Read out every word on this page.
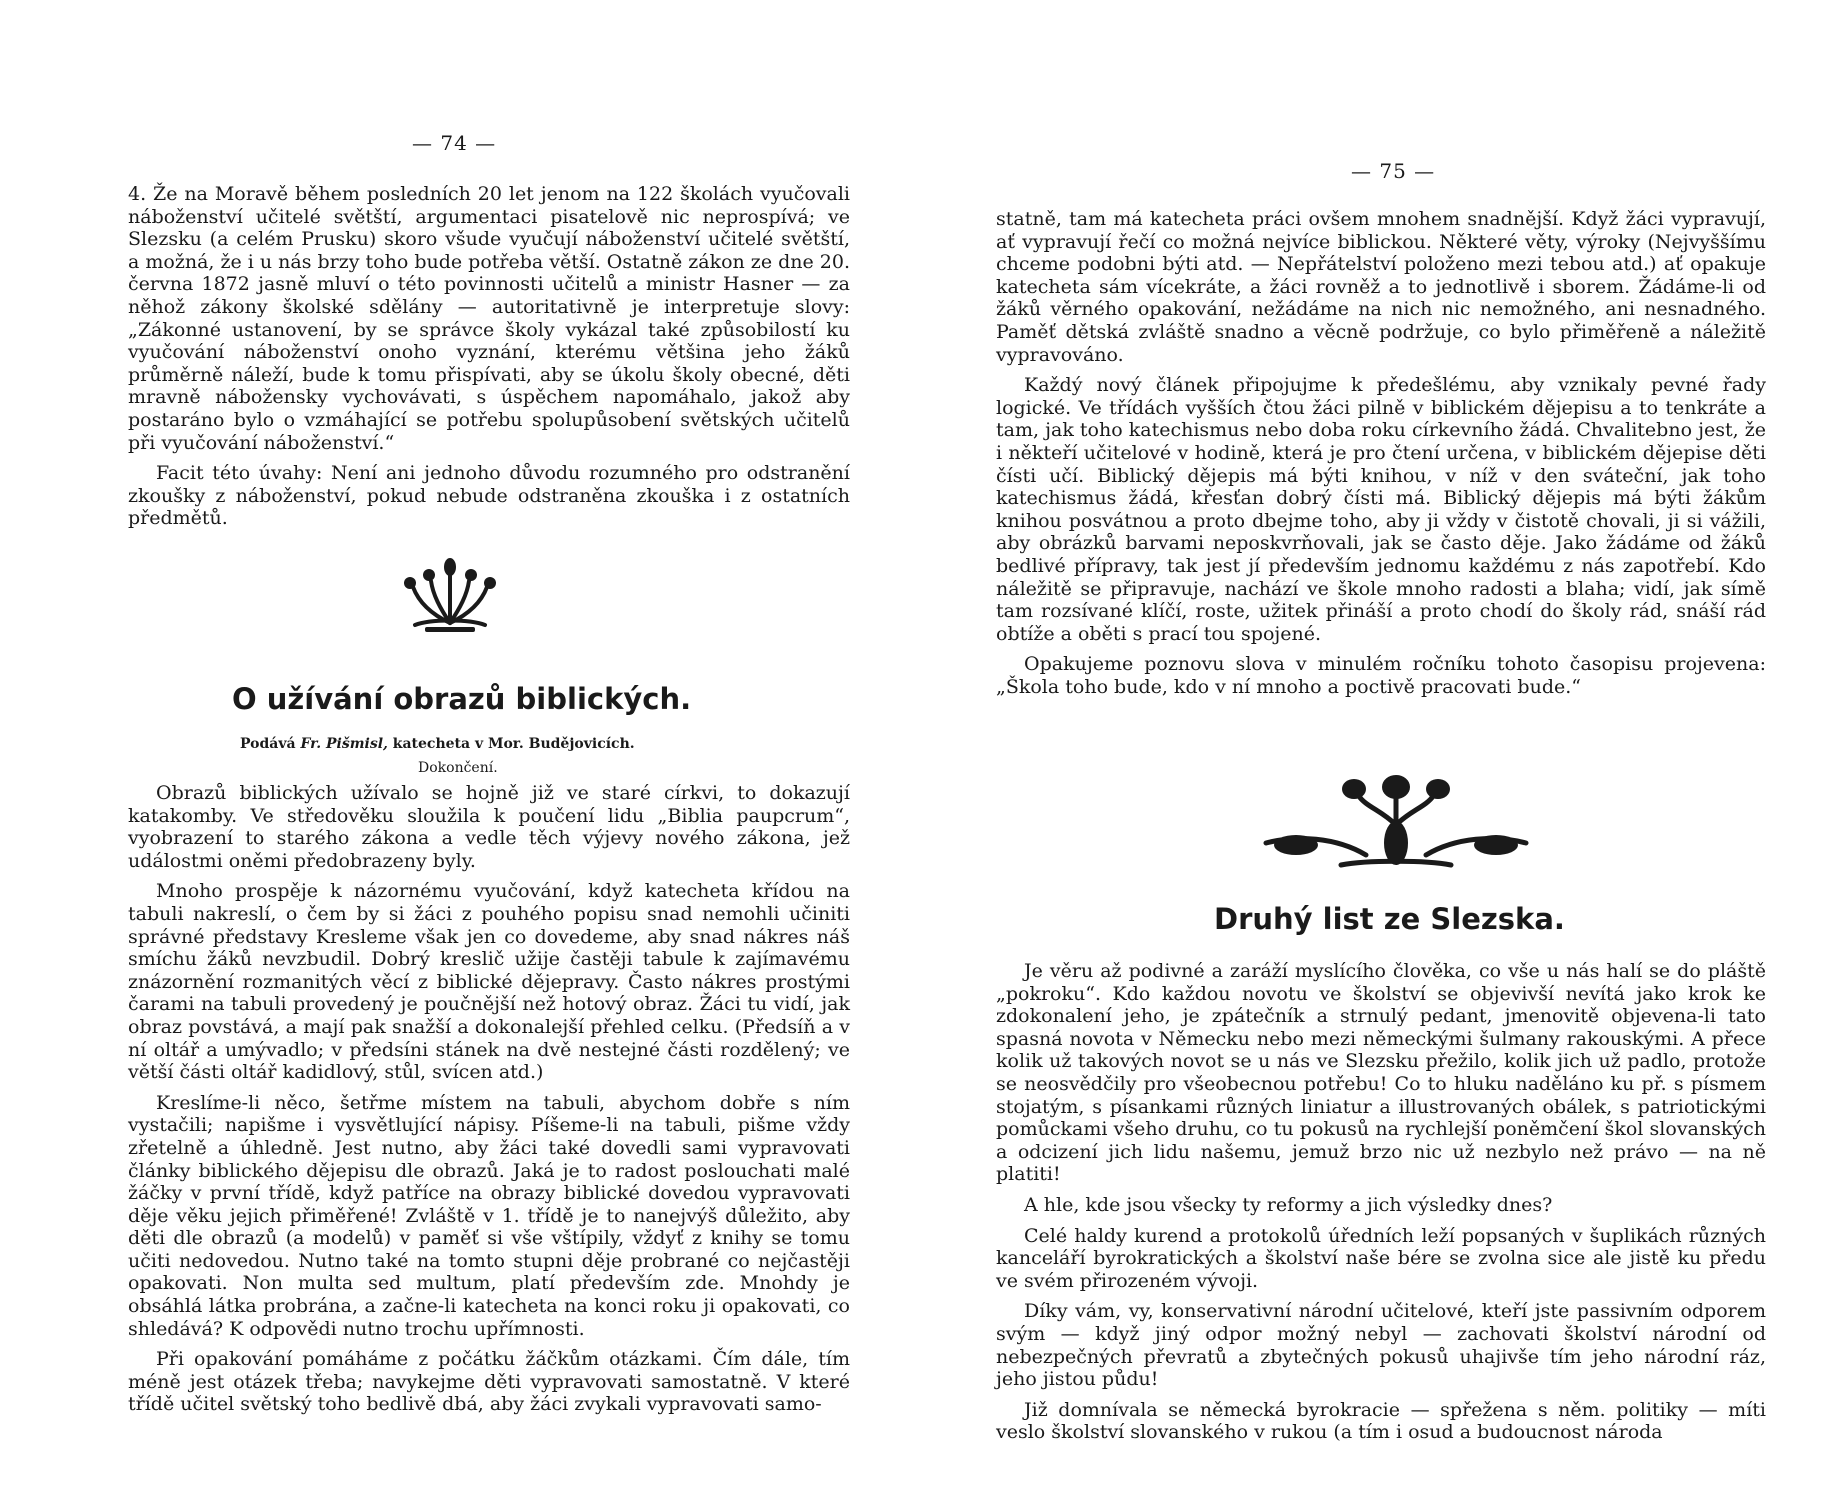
— 74 —

4. Že na Moravě během posledních 20 let jenom na 122 školách vyučovali náboženství učitelé světští, argumentaci pisatelově nic neprospívá; ve Slezsku (a celém Prusku) skoro všude vyučují náboženství učitelé světští, a možná, že i u nás brzy toho bude potřeba větší. Ostatně zákon ze dne 20. června 1872 jasně mluví o této povinnosti učitelů a ministr Hasner — za něhož zákony školské sdělány — autoritativně je interpretuje slovy: „Zákonné ustanovení, by se správce školy vykázal také způsobilostí ku vyučování náboženství onoho vyznání, kterému většina jeho žáků průměrně náleží, bude k tomu přispívati, aby se úkolu školy obecné, děti mravně nábožensky vychovávati, s úspěchem napomáhalo, jakož aby postaráno bylo o vzmáhající se potřebu spolupůsobení světských učitelů při vyučování náboženství.“

Facit této úvahy: Není ani jednoho důvodu rozumného pro odstranění zkoušky z náboženství, pokud nebude odstraněna zkouška i z ostatních předmětů.

O užívání obrazů biblických.
Podává Fr. Pišmisl, katecheta v Mor. Budějovicích.
Dokončení.

Obrazů biblických užívalo se hojně již ve staré církvi, to dokazují katakomby. Ve středověku sloužila k poučení lidu „Biblia paupcrum“, vyobrazení to starého zákona a vedle těch výjevy nového zákona, jež událostmi oněmi předobrazeny byly.

Mnoho prospěje k názornému vyučování, když katecheta křídou na tabuli nakreslí, o čem by si žáci z pouhého popisu snad nemohli učiniti správné představy Kresleme však jen co dovedeme, aby snad nákres náš smíchu žáků nevzbudil. Dobrý kreslič užije častěji tabule k zajímavému znázornění rozmanitých věcí z biblické dějepravy. Často nákres prostými čarami na tabuli provedený je poučnější než hotový obraz. Žáci tu vidí, jak obraz povstává, a mají pak snažší a dokonalejší přehled celku. (Předsíň a v ní oltář a umývadlo; v předsíni stánek na dvě nestejné části rozdělený; ve větší části oltář kadidlový, stůl, svícen atd.)

Kreslíme-li něco, šetřme místem na tabuli, abychom dobře s ním vystačili; napišme i vysvětlující nápisy. Píšeme-li na tabuli, pišme vždy zřetelně a úhledně. Jest nutno, aby žáci také dovedli sami vypravovati články biblického dějepisu dle obrazů. Jaká je to radost poslouchati malé žáčky v první třídě, když patříce na obrazy biblické dovedou vypravovati děje věku jejich přiměřené! Zvláště v 1. třídě je to nanejvýš důležito, aby děti dle obrazů (a modelů) v paměť si vše vštípily, vždyť z knihy se tomu učiti nedovedou. Nutno také na tomto stupni děje probrané co nejčastěji opakovati. Non multa sed multum, platí především zde. Mnohdy je obsáhlá látka probrána, a začne-li katecheta na konci roku ji opakovati, co shledává? K odpovědi nutno trochu upřímnosti.

Při opakování pomáháme z počátku žáčkům otázkami. Čím dále, tím méně jest otázek třeba; navykejme děti vypravovati samostatně. V které třídě učitel světský toho bedlivě dbá, aby žáci zvykali vypravovati samo-

— 75 —

statně, tam má katecheta práci ovšem mnohem snadnější. Když žáci vypravují, ať vypravují řečí co možná nejvíce biblickou. Některé věty, výroky (Nejvyššímu chceme podobni býti atd. — Nepřátelství položeno mezi tebou atd.) ať opakuje katecheta sám vícekráte, a žáci rovněž a to jednotlivě i sborem. Žádáme-li od žáků věrného opakování, nežádáme na nich nic nemožného, ani nesnadného. Paměť dětská zvláště snadno a věcně podržuje, co bylo přiměřeně a náležitě vypravováno.

Každý nový článek připojujme k předešlému, aby vznikaly pevné řady logické. Ve třídách vyšších čtou žáci pilně v biblickém dějepisu a to tenkráte a tam, jak toho katechismus nebo doba roku církevního žádá. Chvalitebno jest, že i někteří učitelové v hodině, která je pro čtení určena, v biblickém dějepise děti čísti učí. Biblický dějepis má býti knihou, v níž v den sváteční, jak toho katechismus žádá, křesťan dobrý čísti má. Biblický dějepis má býti žákům knihou posvátnou a proto dbejme toho, aby ji vždy v čistotě chovali, ji si vážili, aby obrázků barvami neposkvrňovali, jak se často děje. Jako žádáme od žáků bedlivé přípravy, tak jest jí především jednomu každému z nás zapotřebí. Kdo náležitě se připravuje, nachází ve škole mnoho radosti a blaha; vidí, jak símě tam rozsívané klíčí, roste, užitek přináší a proto chodí do školy rád, snáší rád obtíže a oběti s prací tou spojené.

Opakujeme poznovu slova v minulém ročníku tohoto časopisu projevena: „Škola toho bude, kdo v ní mnoho a poctivě pracovati bude.“

Druhý list ze Slezska.

Je věru až podivné a zaráží myslícího člověka, co vše u nás halí se do pláště „pokroku“. Kdo každou novotu ve školství se objevivší nevítá jako krok ke zdokonalení jeho, je zpátečník a strnulý pedant, jmenovitě objevena-li tato spasná novota v Německu nebo mezi německými šulmany rakouskými. A přece kolik už takových novot se u nás ve Slezsku přežilo, kolik jich už padlo, protože se neosvědčily pro všeobecnou potřebu! Co to hluku naděláno ku př. s písmem stojatým, s písankami různých liniatur a illustrovaných obálek, s patriotickými pomůckami všeho druhu, co tu pokusů na rychlejší poněmčení škol slovanských a odcizení jich lidu našemu, jemuž brzo nic už nezbylo než právo — na ně platiti!

A hle, kde jsou všecky ty reformy a jich výsledky dnes?

Celé haldy kurend a protokolů úředních leží popsaných v šuplikách různých kanceláří byrokratických a školství naše bére se zvolna sice ale jistě ku předu ve svém přirozeném vývoji.

Díky vám, vy, konservativní národní učitelové, kteří jste passivním odporem svým — když jiný odpor možný nebyl — zachovati školství národní od nebezpečných převratů a zbytečných pokusů uhajivše tím jeho národní ráz, jeho jistou půdu!

Již domnívala se německá byrokracie — spřežena s něm. politiky — míti veslo školství slovanského v rukou (a tím i osud a budoucnost národa
